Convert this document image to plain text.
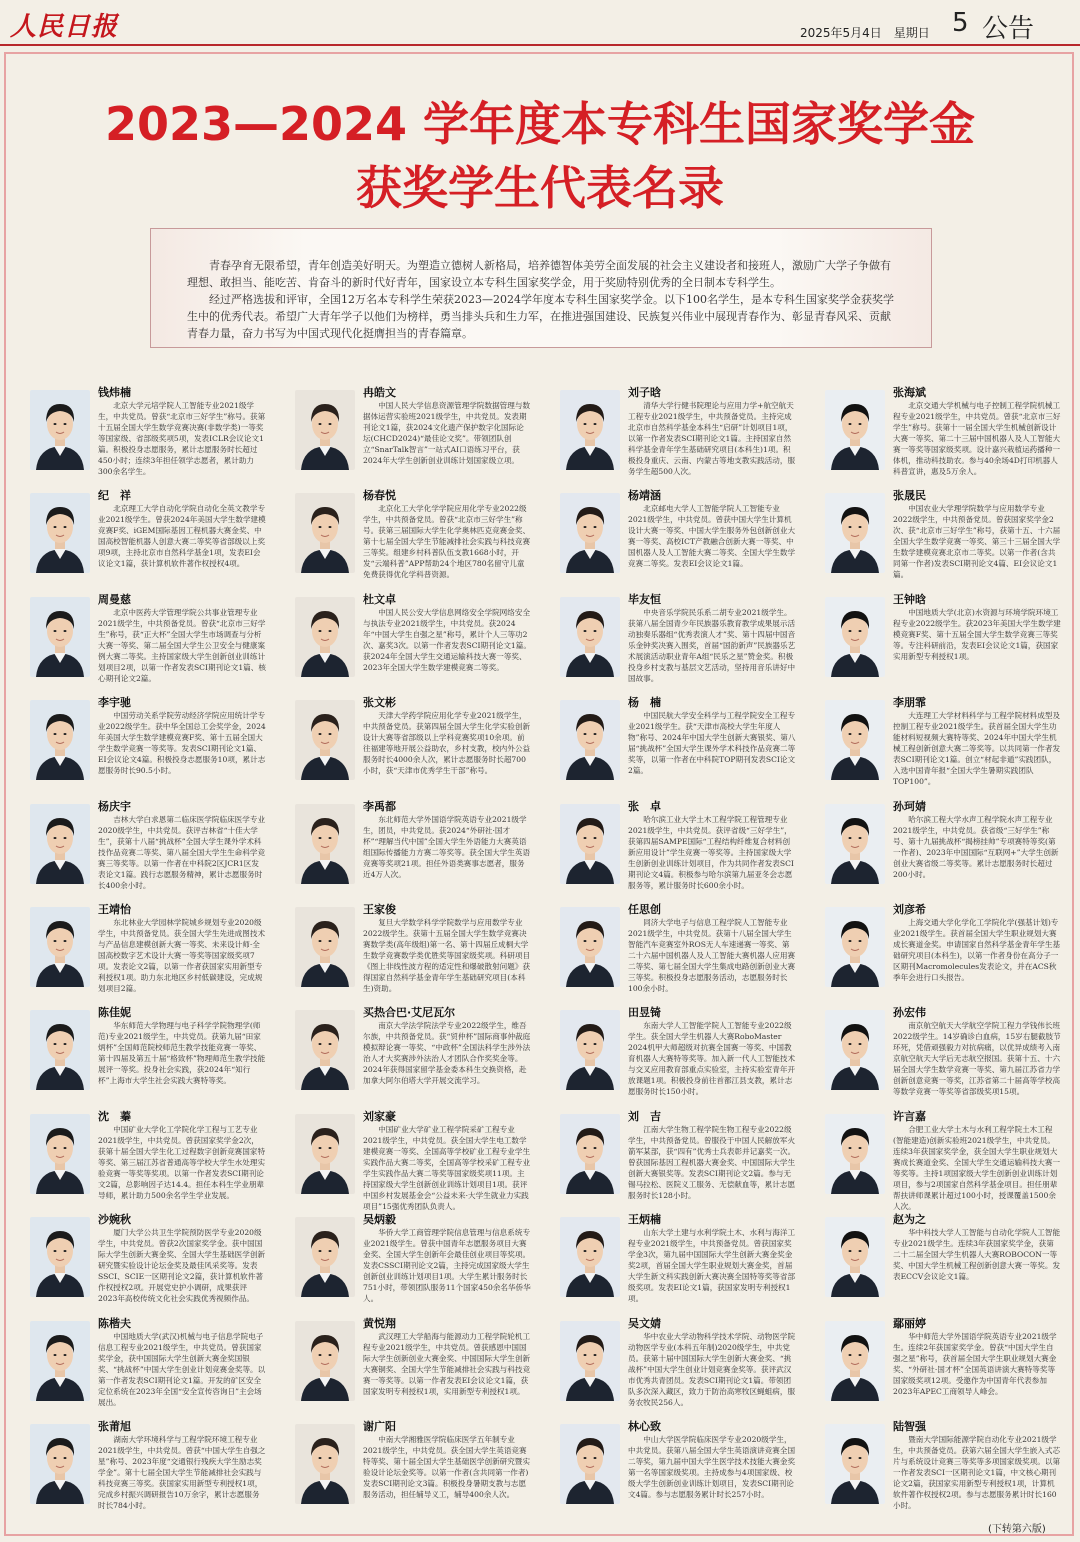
人民日报	2025年5月4日　星期日 5 公告
2023—2024 学年度本专科生国家奖学金
获奖学生代表名录

青春孕育无限希望，青年创造美好明天。为塑造立德树人新格局，培养德智体美劳全面发展的社会主义建设者和接班人，激励广大学子争做有理想、敢担当、能吃苦、肯奋斗的新时代好青年，国家设立本专科生国家奖学金，用于奖励特别优秀的全日制本专科学生。

经过严格选拔和评审，全国12万名本专科学生荣获2023—2024学年度本专科生国家奖学金。以下100名学生，是本专科生国家奖学金获奖学生中的优秀代表。希望广大青年学子以他们为榜样，勇当排头兵和生力军，在推进强国建设、民族复兴伟业中展现青春作为、彰显青春风采、贡献青春力量，奋力书写为中国式现代化挺膺担当的青春篇章。

钱炜楠
北京大学元培学院人工智能专业2021级学生，中共党员。曾获“北京市三好学生”称号。获第十五届全国大学生数学竞赛决赛(非数学类)一等奖等国家级、省部级奖项5项，发表ICLR会议论文1篇。积极投身志愿服务，累计志愿服务时长超过450小时；连续3年担任领学志愿者，累计助力300余名学生。
冉皓文
中国人民大学信息资源管理学院数据管理与数据体运营实验班2021级学生，中共党员。发表期刊论文1篇，获2024文化遗产保护数字化国际论坛(CHCD2024)“最佳论文奖”。带领团队创立“SnarTalk智言”一站式AI口语练习平台，获2024年大学生创新创业训练计划国家级立项。
刘子晗
清华大学行健书院理论与应用力学+航空航天工程专业2021级学生，中共预备党员。主持完成北京市自然科学基金本科生“启研”计划项目1项，以第一作者发表SCI期刊论文1篇。主持国家自然科学基金青年学生基础研究项目(本科生)1项。积极投身重庆、云南、内蒙古等地支教实践活动，服务学生超500人次。
张海斌
北京交通大学机械与电子控制工程学院机械工程专业2021级学生，中共党员。曾获“北京市三好学生”称号。获第十一届全国大学生机械创新设计大赛一等奖、第二十三届中国机器人及人工智能大赛一等奖等国家级奖项。设计嘉兴栽植运药播种一体机，推动科技助农。参与40余场4D打印机器人科普宣讲，惠及5万余人。
纪　祥
北京理工大学自动化学院自动化全英文教学专业2021级学生。曾获2024年美国大学生数学建模竞赛F奖、iGEM国际基因工程机器大赛金奖、中国高校智能机器人创意大赛二等奖等省部级以上奖项9项，主持北京市自然科学基金1项，发表EI会议论文1篇，获计算机软件著作权授权4项。
杨春悦
北京化工大学化学学院应用化学专业2022级学生，中共预备党员。曾获“北京市三好学生”称号。获第三届国际大学生化学奥林匹克竞赛金奖、第十七届全国大学生节能减排社会实践与科技竞赛三等奖。组建乡村科普队伍支教1668小时，开发“云端科普”APP帮助24个地区780名留守儿童免费获得优化学科普资源。
杨靖涵
北京邮电大学人工智能学院人工智能专业2021级学生，中共党员。曾获中国大学生计算机设计大赛一等奖、中国大学生服务外包创新创业大赛一等奖、高校ICT产教融合创新大赛一等奖、中国机器人及人工智能大赛二等奖、全国大学生数学竞赛二等奖。发表EI会议论文1篇。
张晟民
中国农业大学理学院数学与应用数学专业2022级学生，中共预备党员。曾获国家奖学金2次、获“北京市三好学生”称号，获第十五、十六届全国大学生数学竞赛一等奖、第三十三届全国大学生数学建模竞赛北京市二等奖。以第一作者(含共同第一作者)发表SCI期刊论文4篇、EI会议论文1篇。
周曼慈
北京中医药大学管理学院公共事业管理专业2021级学生，中共预备党员。曾获“北京市三好学生”称号，获“正大杯”全国大学生市场调查与分析大赛一等奖、第二届全国大学生公卫安全与健康案例大赛二等奖。主持国家级大学生创新创业训练计划项目2项，以第一作者发表SCI期刊论文1篇、核心期刊论文2篇。
杜文卓
中国人民公安大学信息网络安全学院网络安全与执法专业2021级学生，中共党员。获2024年“中国大学生自强之星”称号，累计个人三等功2次、嘉奖3次。以第一作者发表SCI期刊论文1篇。获2024年全国大学生交通运输科技大赛一等奖、2023年全国大学生数学建模竞赛二等奖。
毕友恒
中央音乐学院民乐系二胡专业2021级学生。获第八届全国青少年民族器乐教育教学成果展示活动独奏乐器组“优秀表演人才”奖、第十四届中国音乐金钟奖决赛入围奖，首届“国韵新声”民族器乐艺术展演活动职业青年A组“民乐之星”赞金奖。积极投身乡村支教与基层文艺活动，坚持用音乐讲好中国故事。
王钟晗
中国地质大学(北京)水资源与环境学院环境工程专业2022级学生。获2023年美国大学生数学建模竞赛F奖、第十五届全国大学生数学竞赛三等奖等。专注科研前沿，发表EI会议论文1篇，获国家实用新型专利授权1项。
李宇驰
中国劳动关系学院劳动经济学院应用统计学专业2022级学生。获中华全国总工会奖学金，2024年美国大学生数学建模竞赛F奖、第十五届全国大学生数学竞赛一等奖等。发表SCI期刊论文1篇、EI会议论文4篇。积极投身志愿服务10项，累计志愿服务时长90.5小时。
张文彬
天津大学药学院应用化学专业2021级学生，中共预备党员。获第四届全国大学生化学实验创新设计大赛等省部级以上学科竞赛奖项10余项。前往福建等地开展公益助农，乡村支教，校内外公益服务时长4000余人次，累计志愿服务时长超700小时，获“天津市优秀学生干部”称号。
杨　楠
中国民航大学安全科学与工程学院安全工程专业2021级学生。获“天津市高校大学生年度人物”称号、2024年中国大学生创新大赛银奖、第八届“挑战杯”全国大学生课外学术科技作品竞赛二等奖等，以第一作者在中科院TOP期刊发表SCI论文2篇。
李朋霏
大连理工大学材料科学与工程学院材料成型及控制工程专业2021级学生。获首届全国大学生功能材料短视频大赛特等奖、2024年中国大学生机械工程创新创意大赛二等奖等。以共同第一作者发表SCI期刊论文1篇。创立“材起非遁”实践团队，入选中国青年报“全国大学生暑期实践团队TOP100”。
杨庆宇
吉林大学白求恩第二临床医学院临床医学专业2020级学生，中共党员。获评吉林省“十佳大学生”，获第十八届“挑战杯”全国大学生课外学术科技作品竞赛二等奖、第八届全国大学生生命科学竞赛三等奖等。以第一作者在中科院2区JCR1区发表论文1篇。践行志愿服务精神，累计志愿服务时长400余小时。
李禹都
东北师范大学外国语学院英语专业2021级学生，团员，中共党员。获2024“外研社·国才杯”“理解当代中国”全国大学生外语能力大赛英语组国际传播能力方赛二等奖等。获全国大学生英语竞赛等奖项21项。担任外语类赛事志愿者，服务近4万人次。
张　卓
哈尔滨工业大学土木工程学院工程管理专业2021级学生，中共党员。获评省级“三好学生”，获第四届SAMPE国际“工程结构纤维复合材料创新应用设计”学生竞赛一等奖等。主持国家级大学生创新创业训练计划项目，作为共同作者发表SCI期刊论文4篇。积极参与哈尔滨第九届亚冬会志愿服务等，累计服务时长600余小时。
孙珂婧
哈尔滨工程大学水声工程学院水声工程专业2021级学生，中共党员。获省级“三好学生”称号、第十九届挑战杯“揭榜挂帅”专项赛特等奖(第一作者)、2023年中国国际“互联网+”大学生创新创业大赛省级二等奖等。累计志愿服务时长超过200小时。
王靖怡
东北林业大学园林学院城乡规划专业2020级学生，中共预备党员。获全国大学生先进成图技术与产品信息建模创新大赛一等奖、未来设计师·全国高校数字艺术设计大赛一等奖等国家级奖项7项。发表论文2篇，以第一作者获国家实用新型专利授权1项。助力东北地区乡村低碳建设，完成规划项目2篇。
王家俊
复旦大学数学科学学院数学与应用数学专业2022级学生。获第十五届全国大学生数学竞赛决赛数学类(高年级组)第一名、第十四届丘成桐大学生数学竞赛数学类优胜奖等国家级奖项。科研项目《图上非线性波方程的适定性和爆破散射问题》获得国家自然科学基金青年学生基础研究项目(本科生)资助。
任思创
同济大学电子与信息工程学院人工智能专业2021级学生，中共党员。获第十八届全国大学生智能汽车竞赛室外ROS无人车速递赛一等奖、第二十六届中国机器人及人工智能大赛机器人应用赛二等奖、第七届全国大学生集成电路创新创业大赛三等奖。积极投身志愿服务活动，志愿服务时长100余小时。
刘彦希
上海交通大学化学化工学院化学(强基计划)专业2021级学生。获首届全国大学生职业规划大赛成长赛道金奖。申请国家自然科学基金青年学生基础研究项目(本科生)，以第一作者身份在高分子一区期刊Macromolecules发表论文，并在ACS秋季年会进行口头报告。
陈佳妮
华东师范大学物理与电子科学学院物理学(师范)专业2021级学生，中共党员。获第九届“田家炳杯”全国师范院校师范生教学技能竞赛一等奖、第十四届及第五十届“格致杯”物理师范生教学技能展评一等奖。投身社会实践，获2024年“知行杯”上海市大学生社会实践大赛特等奖。
买热合巴·艾尼瓦尔
南京大学法学院法学专业2022级学生，维吾尔族，中共预备党员。获“贸仲杯”国际商事仲裁庭模拟辩论赛一等奖、“中政杯”全国法科学生涉外法治人才大奖赛涉外法治人才团队合作奖奖金等。2024年获得国家留学基金委本科生交换资格，赴加拿大阿尔伯塔大学开展交流学习。
田昱锜
东南大学人工智能学院人工智能专业2022级学生。获全国大学生机器人大赛RoboMaster 2024机甲大师超级对抗赛全国赛一等奖、中国教育机器人大赛特等奖等。加入新一代人工智能技术与交叉应用教育部重点实验室，主持实验室青年开放课题1项。积极投身前往首都江县支教，累计志愿服务时长150小时。
孙宏伟
南京航空航天大学航空学院工程力学钱伟长班2022级学生。14岁确诊白血病，15岁右腿截肢节环死，凭借顽强毅力对抗病痛，以优异成绩考入南京航空航天大学后无志航空报国。获第十五、十六届全国大学生数学竞赛一等奖、第九届江苏省力学创新创意竞赛一等奖，江苏省第二十届高等学校高等数学竞赛一等奖等省部级奖项15项。
沈　蓁
中国矿业大学化工学院化学工程与工艺专业2021级学生，中共党员。曾获国家奖学金2次，获第十届全国大学生化工过程数字创新竞赛国家特等奖、第三届江苏省普通高等学校大学生水处理实验竞赛一等奖等奖项。以第一作者发表SCI期刊论文2篇，总影响因子达14.4。担任本科生学业朋辈导师，累计助力500余名学生学业发展。
刘家豪
中国矿业大学矿业工程学院采矿工程专业2021级学生，中共党员。获全国大学生电工数学建模竞赛一等奖、全国高等学校矿业工程专业学生实践作品大赛二等奖，全国高等学校采矿工程专业学生实践作品大赛二等奖等国家级奖项11项。主持国家级大学生创新创业训练计划项目1项。获评中国乡村发展基金会“公益未来·大学生就业力实践项目”15强优秀团队负责人。
刘　吉
江南大学生物工程学院生物工程专业2022级学生，中共预备党员。曾服役于中国人民解放军火箭军某部，获“四有”优秀士兵表彰并记嘉奖一次。曾获国际基因工程机器大赛金奖、中国国际大学生创新大赛银奖等。发表SCI期刊论文2篇。参与无锡马拉松、医院义工服务、无偿献血等，累计志愿服务时长128小时。
许言嘉
合肥工业大学土木与水利工程学院土木工程(智能建造)创新实验班2021级学生，中共党员。连续3年获国家奖学金，获全国大学生职业规划大赛成长赛道金奖、全国大学生交通运输科技大赛一等奖等。主持1项国家级大学生创新创业训练计划项目，参与2项国家自然科学基金项目。担任朋辈帮扶讲师课累计超过100小时，授课覆盖1500余人次。
沙婉秋
厦门大学公共卫生学院预防医学专业2020级学生，中共党员。曾获2次国家奖学金。获中国国际大学生创新大赛金奖、全国大学生基础医学创新研究暨实验设计论坛金奖及最佳风采奖等。发表SSCI、SCIE一区期刊论文2篇，获计算机软件著作权授权2项。开展党史护小调研，成果获评2023年高校传统文化社会实践优秀视频作品。
吴炳毅
华侨大学工商管理学院信息管理与信息系统专业2021级学生。曾获中国青年志愿服务项目大赛金奖、全国大学生创新年会最佳创业项目等奖项。发表CSSCI期刊论文2篇，主持完成国家级大学生创新创业训练计划项目1项。大学生累计服务时长751小时，带领团队服务11个国家450余名华侨华人。
王炳楠
山东大学土建与水利学院土木、水利与海洋工程专业2021级学生，中共预备党员。曾获国家奖学金3次，第九届中国国际大学生创新大赛金奖金奖2项，首届全国大学生职业规划大赛金奖，首届大学生新文科实践创新大赛决赛全国特等奖等省部级奖项。发表EI论文1篇，获国家发明专利授权1项。
赵为之
华中科技大学人工智能与自动化学院人工智能专业2021级学生。连续3年获国家奖学金，获第二十二届全国大学生机器人大赛ROBOCON一等奖、中国大学生机械工程创新创意大赛一等奖。发表ECCV会议论文1篇。
陈楷夫
中国地质大学(武汉)机械与电子信息学院电子信息工程专业2021级学生，中共党员。曾获国家奖学金，获中国国际大学生创新大赛金奖国银奖、“挑战杯”中国大学生创业计划竞赛金奖等。以第一作者发表SCI期刊论文1篇。开发的矿区安全定位系统在2023年全国“安全宣传咨询日”主会场展出。
黄悦翔
武汉理工大学船海与能源动力工程学院轮机工程专业2021级学生，中共党员。曾获感恩中国国际大学生创新创业大赛金奖、中国国际大学生创新大赛铜奖、全国大学生节能减排社会实践与科技竞赛一等奖等。以第一作者发表EI会议论文1篇，获国家发明专利授权1项，实用新型专利授权1项。
吴文婧
华中农业大学动物科学技术学院、动物医学院动物医学专业(本科五年制)2020级学生，中共党员。获第十届中国国际大学生创新大赛金奖、“挑战杯”中国大学生创业计划竞赛金奖等。获评武汉市优秀共青团员。发表SCI期刊论文1篇。带领团队多次深入藏区，致力于防治高寒牧区蝇蛆病，服务农牧民256人。
鄢丽婷
华中师范大学外国语学院英语专业2021级学生。连续2年获国家奖学金。曾获“中国大学生自强之星”称号，获首届全国大学生职业规划大赛金奖、“外研社·国才杯”全国英语讲演大赛特等奖等国家级奖项12项。受邀作为中国青年代表参加2023年APEC工商领导人峰会。
张莆旭
湖南大学环境科学与工程学院环境工程专业2021级学生，中共党员。曾获“中国大学生自强之星”称号、2023年度“交通银行残疾大学生励志奖学金”。第十七届全国大学生节能减排社会实践与科技竞赛三等奖。获国家实用新型专利授权1项，完成乡村振兴调研报告10万余字，累计志愿服务时长784小时。
谢广阳
中南大学湘雅医学院临床医学五年制专业2021级学生，中共党员。获全国大学生英语竞赛特等奖、第十届全国大学生基础医学创新研究暨实验设计论坛金奖等。以第一作者(含共同第一作者)发表SCI期刊论文3篇。积极投身暑期支教与志愿服务活动，担任辅导义工，辅导400余人次。
林心致
中山大学医学院临床医学专业2020级学生，中共党员。获第八届全国大学生英语演讲竞赛全国二等奖，第九届中国大学生医学技术技能大赛金奖第一名等国家级奖项。主持成参与4项国家级、校级大学生创新创业训练计划项目，发表SCI期刊论文4篇。参与志愿服务累计时长257小时。
陆智强
暨南大学国际能源学院自动化专业2021级学生，中共预备党员。获第六届全国大学生嵌入式芯片与系统设计竞赛三等奖等多项国家级奖项。以第一作者发表SCI一区期刊论文1篇，中文核心期刊论文2篇，获国家实用新型专利授权1项，计算机软件著作权授权2项。参与志愿服务累计时长160小时。
(下转第六版)
